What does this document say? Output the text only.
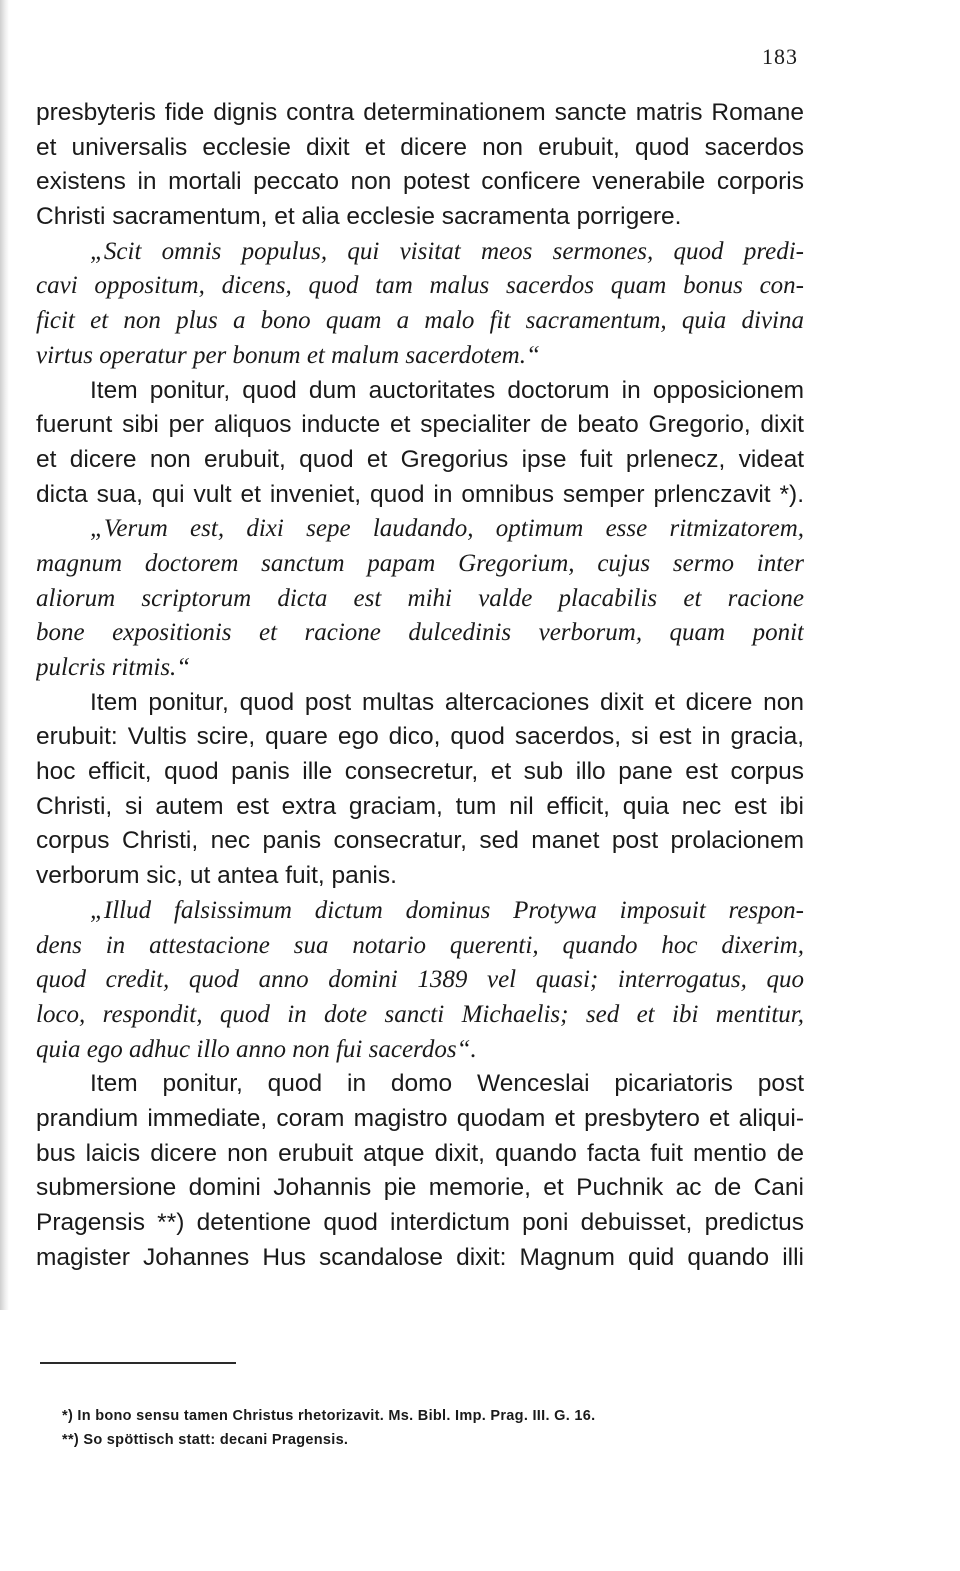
183
presbyteris fide dignis contra determinationem sancte matris Romane
et universalis ecclesie dixit et dicere non erubuit, quod sacerdos
existens in mortali peccato non potest conficere venerabile corporis
Christi sacramentum, et alia ecclesie sacramenta porrigere.
„Scit omnis populus, qui visitat meos sermones, quod predi-
cavi oppositum, dicens, quod tam malus sacerdos quam bonus con-
ficit et non plus a bono quam a malo fit sacramentum, quia divina
virtus operatur per bonum et malum sacerdotem.“
Item ponitur, quod dum auctoritates doctorum in opposicionem
fuerunt sibi per aliquos inducte et specialiter de beato Gregorio, dixit
et dicere non erubuit, quod et Gregorius ipse fuit prlenecz, videat
dicta sua, qui vult et inveniet, quod in omnibus semper prlenczavit *).
„Verum est, dixi sepe laudando, optimum esse ritmizatorem,
magnum doctorem sanctum papam Gregorium, cujus sermo inter
aliorum scriptorum dicta est mihi valde placabilis et racione
bone expositionis et racione dulcedinis verborum, quam ponit
pulcris ritmis.“
Item ponitur, quod post multas altercaciones dixit et dicere non
erubuit: Vultis scire, quare ego dico, quod sacerdos, si est in gracia,
hoc efficit, quod panis ille consecretur, et sub illo pane est corpus
Christi, si autem est extra graciam, tum nil efficit, quia nec est ibi
corpus Christi, nec panis consecratur, sed manet post prolacionem
verborum sic, ut antea fuit, panis.
„Illud falsissimum dictum dominus Protywa imposuit respon-
dens in attestacione sua notario querenti, quando hoc dixerim,
quod credit, quod anno domini 1389 vel quasi; interrogatus, quo
loco, respondit, quod in dote sancti Michaelis; sed et ibi mentitur,
quia ego adhuc illo anno non fui sacerdos“.
Item ponitur, quod in domo Wenceslai picariatoris post
prandium immediate, coram magistro quodam et presbytero et aliqui-
bus laicis dicere non erubuit atque dixit, quando facta fuit mentio de
submersione domini Johannis pie memorie, et Puchnik ac de Cani
Pragensis **) detentione quod interdictum poni debuisset, predictus
magister Johannes Hus scandalose dixit: Magnum quid quando illi
*) In bono sensu tamen Christus rhetorizavit. Ms. Bibl. Imp. Prag. III. G. 16.
**) So spöttisch statt: decani Pragensis.
